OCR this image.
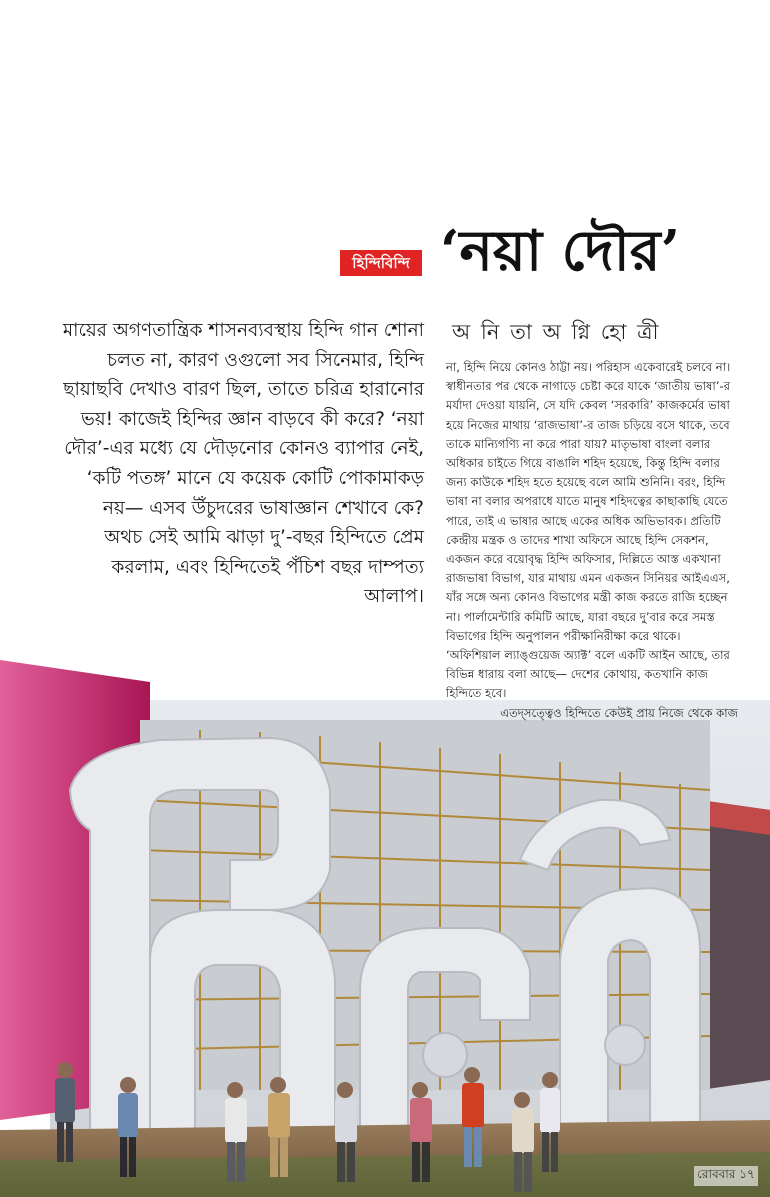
হিন্দিবিন্দি ‘নয়া দৌর’
অ নি তা অ গ্নি হো ত্রী

মায়ের অগণতান্ত্রিক শাসনব্যবস্থায় হিন্দি গান শোনা চলত না, কারণ ওগুলো সব সিনেমার, হিন্দি ছায়াছবি দেখাও বারণ ছিল, তাতে চরিত্র হারানোর ভয়! কাজেই হিন্দির জ্ঞান বাড়বে কী করে? ‘নয়া দৌর’-এর মধ্যে যে দৌড়নোর কোনও ব্যাপার নেই, ‘কটি পতঙ্গ’ মানে যে কয়েক কোটি পোকামাকড় নয়— এসব উঁচুদরের ভাষাজ্ঞান শেখাবে কে? অথচ সেই আমি ঝাড়া দু’-বছর হিন্দিতে প্রেম করলাম, এবং হিন্দিতেই পঁচিশ বছর দাম্পত্য আলাপ।

না, হিন্দি নিয়ে কোনও ঠাট্টা নয়। পরিহাস একেবারেই চলবে না। স্বাধীনতার পর থেকে নাগাড়ে চেষ্টা করে যাকে ‘জাতীয় ভাষা’-র মর্যাদা দেওয়া যায়নি, সে যদি কেবল ‘সরকারি’ কাজকর্মের ভাষা হয়ে নিজের মাথায় ‘রাজভাষা’-র তাজ চড়িয়ে বসে থাকে, তবে তাকে মান্যিগণ্যি না করে পারা যায়? মাতৃভাষা বাংলা বলার অধিকার চাইতে গিয়ে বাঙালি শহিদ হয়েছে, কিন্তু হিন্দি বলার জন্য কাউকে শহিদ হতে হয়েছে বলে আমি শুনিনি। বরং, হিন্দি ভাষা না বলার অপরাধে যাতে মানুষ শহিদত্বের কাছাকাছি যেতে পারে, তাই এ ভাষার আছে একের অধিক অভিভাবক। প্রতিটি কেন্দ্রীয় মন্ত্রক ও তাদের শাখা অফিসে আছে হিন্দি সেকশন, একজন করে বয়োবৃদ্ধ হিন্দি অফিসার, দিল্লিতে আস্ত একখানা রাজভাষা বিভাগ, যার মাথায় এমন একজন সিনিয়র আইএএস, যাঁর সঙ্গে অন্য কোনও বিভাগের মন্ত্রী কাজ করতে রাজি হচ্ছেন না। পার্লামেন্টারি কমিটি আছে, যারা বছরে দু’বার করে সমস্ত বিভাগের হিন্দি অনুপালন পরীক্ষানিরীক্ষা করে থাকে। ‘অফিশিয়াল ল্যাঙ্গুয়েজ অ্যাক্ট’ বলে একটি আইন আছে, তার বিভিন্ন ধারায় বলা আছে— দেশের কোথায়, কতখানি কাজ হিন্দিতে হবে।

এতদ্সত্ত্বেও হিন্দিতে কেউই প্রায় নিজে থেকে কাজ

রোববার ১৭
